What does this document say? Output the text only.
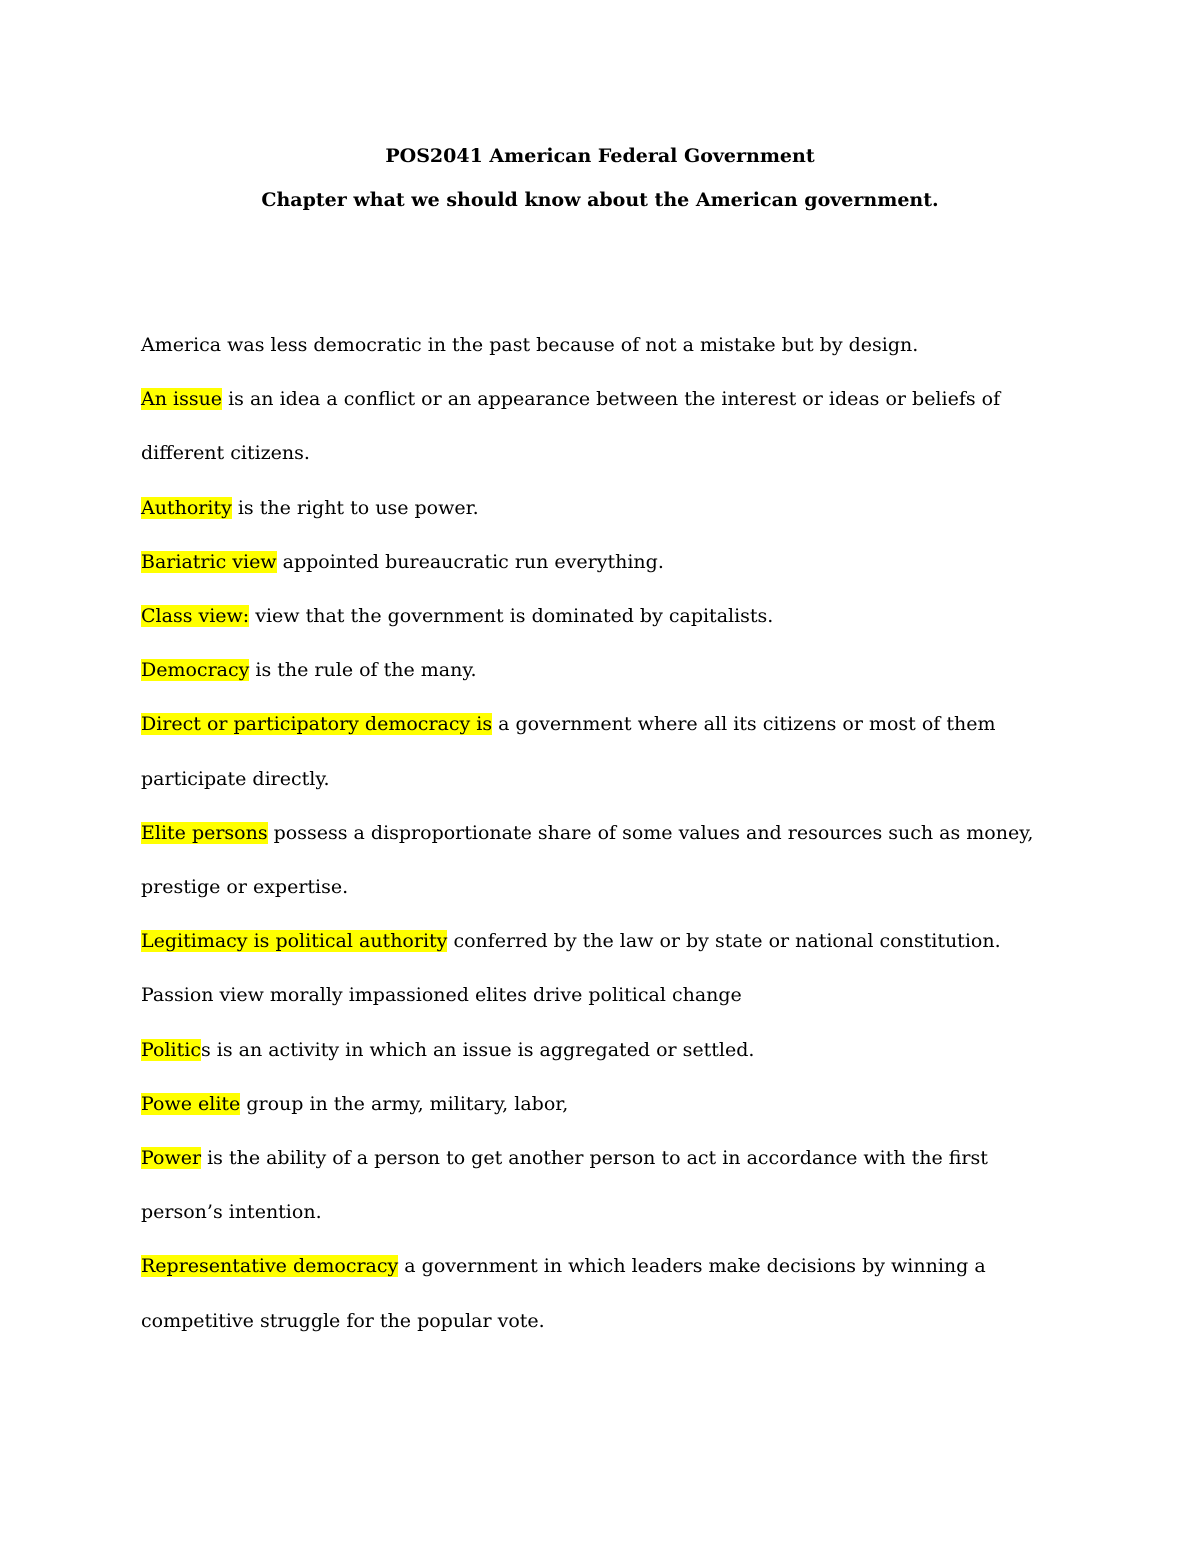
POS2041 American Federal Government
Chapter what we should know about the American government.

America was less democratic in the past because of not a mistake but by design.

An issue is an idea a conflict or an appearance between the interest or ideas or beliefs of different citizens.

Authority is the right to use power.

Bariatric view appointed bureaucratic run everything.

Class view: view that the government is dominated by capitalists.

Democracy is the rule of the many.

Direct or participatory democracy is a government where all its citizens or most of them participate directly.

Elite persons possess a disproportionate share of some values and resources such as money, prestige or expertise.

Legitimacy is political authority conferred by the law or by state or national constitution.

Passion view morally impassioned elites drive political change

Politics is an activity in which an issue is aggregated or settled.

Powe elite group in the army, military, labor,

Power is the ability of a person to get another person to act in accordance with the first person’s intention.

Representative democracy a government in which leaders make decisions by winning a competitive struggle for the popular vote.
